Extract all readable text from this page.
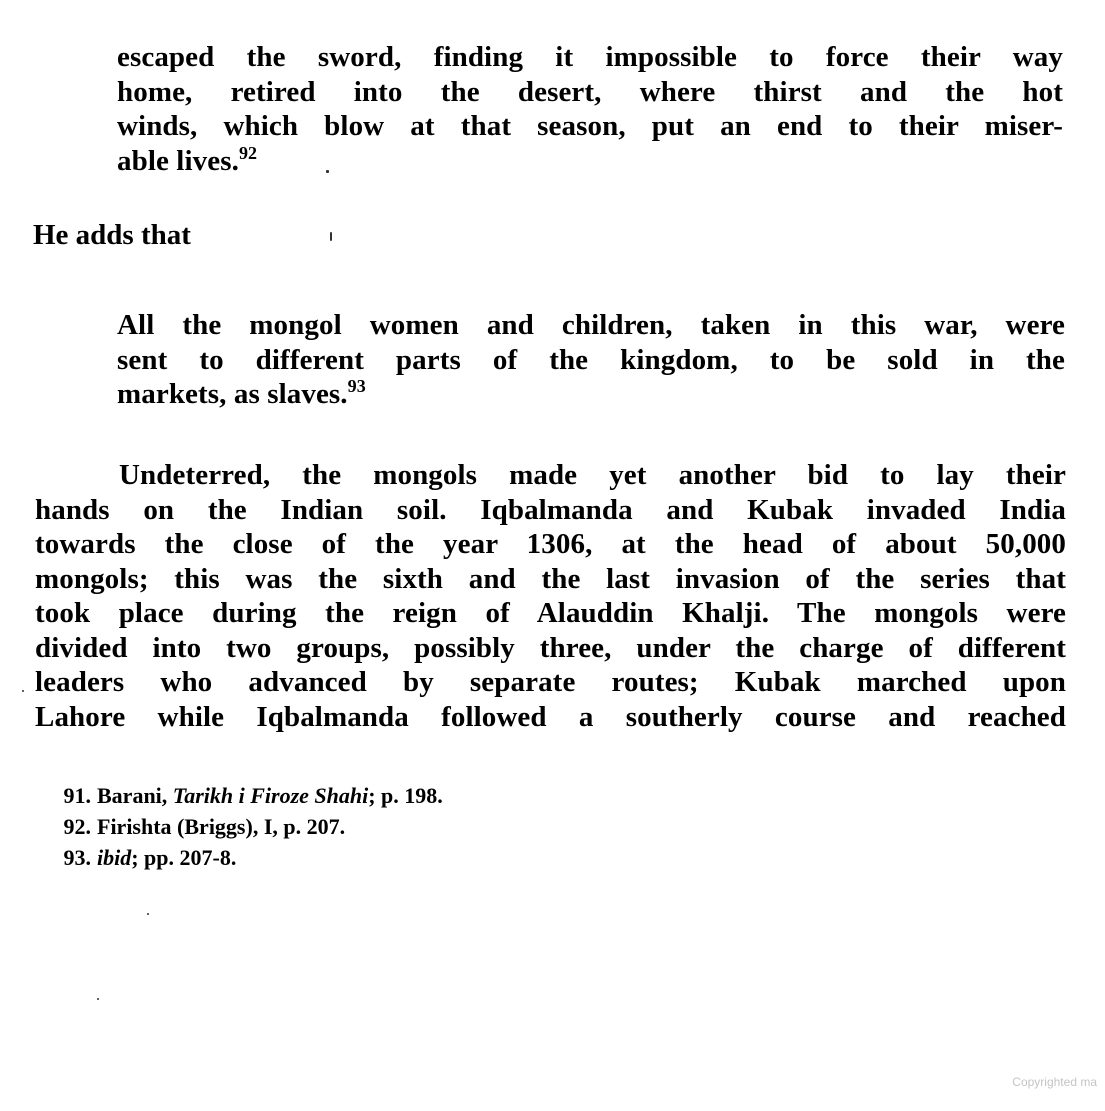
escaped the sword, finding it impossible to force their way
home, retired into the desert, where thirst and the hot
winds, which blow at that season, put an end to their miser-
able lives.$^{92}$
He adds that
All the mongol women and children, taken in this war, were
sent to different parts of the kingdom, to be sold in the
markets, as slaves.$^{93}$
Undeterred, the mongols made yet another bid to lay their
hands on the Indian soil. Iqbalmanda and Kubak invaded India
towards the close of the year 1306, at the head of about 50,000
mongols; this was the sixth and the last invasion of the series that
took place during the reign of Alauddin Khalji. The mongols were
divided into two groups, possibly three, under the charge of different
leaders who advanced by separate routes; Kubak marched upon
Lahore while Iqbalmanda followed a southerly course and reached
91. Barani, Tarikh i Firoze Shahi; p. 198.
92. Firishta (Briggs), I, p. 207.
93. ibid; pp. 207-8.
Copyrighted ma
